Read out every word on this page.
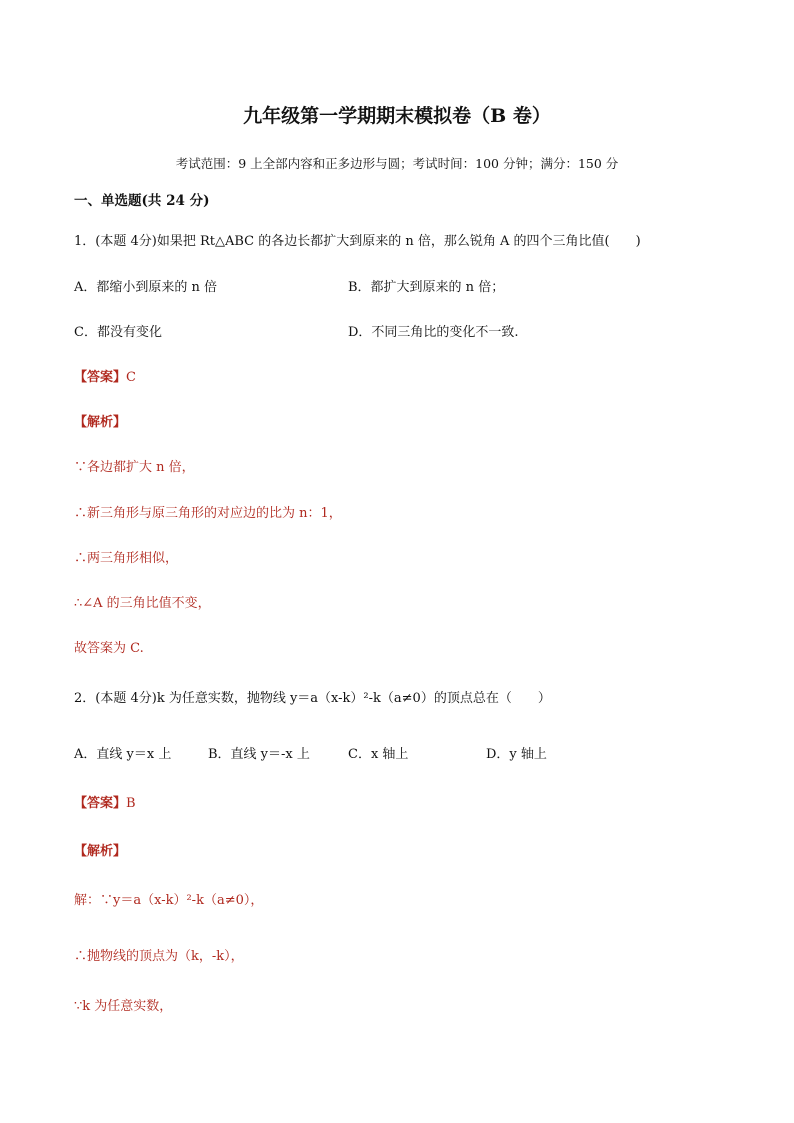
九年级第一学期期末模拟卷（B 卷）
考试范围：9 上全部内容和正多边形与圆；考试时间：100 分钟；满分：150 分
一、单选题(共 24 分)
1．(本题 4分)如果把 Rt△ABC 的各边长都扩大到原来的 n 倍，那么锐角 A 的四个三角比值(　　)
A．都缩小到原来的 n 倍	B．都扩大到原来的 n 倍；
C．都没有变化	D．不同三角比的变化不一致.
【答案】C
【解析】
∵各边都扩大 n 倍，
∴新三角形与原三角形的对应边的比为 n：1，
∴两三角形相似，
∴∠A 的三角比值不变，
故答案为 C.
2．(本题 4分)k 为任意实数，抛物线 y＝a（x-k）²-k（a≠0）的顶点总在（　　）
A．直线 y＝x 上	B．直线 y＝-x 上	C．x 轴上	D．y 轴上
【答案】B
【解析】
解：∵y＝a（x-k）²-k（a≠0），
∴抛物线的顶点为（k，-k），
∵k 为任意实数，
